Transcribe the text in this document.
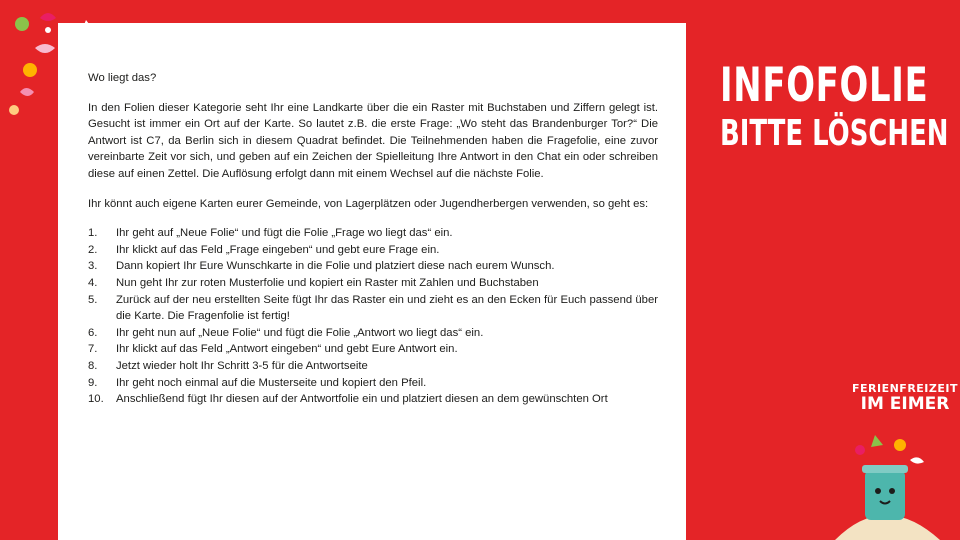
Wo liegt das?

In den Folien dieser Kategorie seht Ihr eine Landkarte über die ein Raster mit Buchstaben und Ziffern gelegt ist. Gesucht ist immer ein Ort auf der Karte. So lautet z.B. die erste Frage: „Wo steht das Brandenburger Tor?“ Die Antwort ist C7, da Berlin sich in diesem Quadrat befindet. Die Teilnehmenden haben die Fragefolie, eine zuvor vereinbarte Zeit vor sich, und geben auf ein Zeichen der Spielleitung Ihre Antwort in den Chat ein oder schreiben diese auf einen Zettel. Die Auflösung erfolgt dann mit einem Wechsel auf die nächste Folie.

Ihr könnt auch eigene Karten eurer Gemeinde, von Lagerplätzen oder Jugendherbergen verwenden, so geht es:

1.	Ihr geht auf „Neue Folie“ und fügt die Folie „Frage wo liegt das“ ein.
2.	Ihr klickt auf das Feld „Frage eingeben“ und gebt eure Frage ein.
3.	Dann kopiert Ihr Eure Wunschkarte in die Folie und platziert diese nach eurem Wunsch.
4.	Nun geht Ihr zur roten Musterfolie und kopiert ein Raster mit Zahlen und Buchstaben
5.	Zurück auf der neu erstellten Seite fügt Ihr das Raster ein und zieht es an den Ecken für Euch passend über die Karte. Die Fragenfolie ist fertig!
6.	Ihr geht nun auf „Neue Folie“ und fügt die Folie „Antwort wo liegt das“ ein.
7.	Ihr klickt auf das Feld „Antwort eingeben“ und gebt Eure Antwort ein.
8.	Jetzt wieder holt Ihr Schritt 3-5 für die Antwortseite
9.	Ihr geht noch einmal auf die Musterseite und kopiert den Pfeil.
10.	Anschließend fügt Ihr diesen auf der Antwortfolie ein und platziert diesen an dem gewünschten Ort
INFOFOLIE
BITTE LÖSCHEN
FERIENFREIZEIT
IM EIMER
